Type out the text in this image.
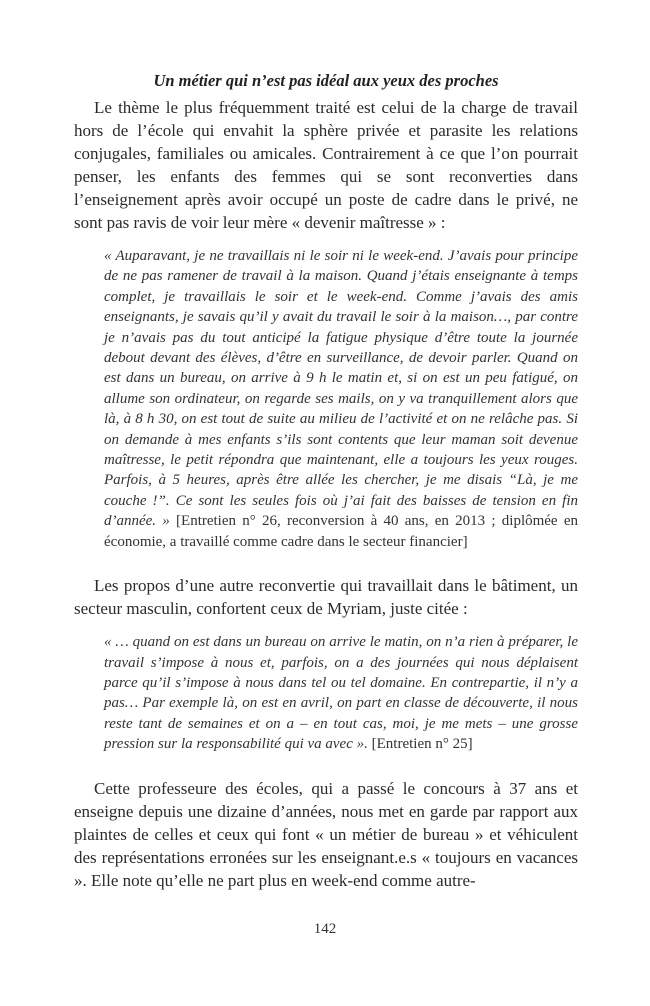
Un métier qui n’est pas idéal aux yeux des proches

Le thème le plus fréquemment traité est celui de la charge de travail hors de l’école qui envahit la sphère privée et parasite les relations conjugales, familiales ou amicales. Contrairement à ce que l’on pourrait penser, les enfants des femmes qui se sont reconverties dans l’enseignement après avoir occupé un poste de cadre dans le privé, ne sont pas ravis de voir leur mère « devenir maîtresse » :

« Auparavant, je ne travaillais ni le soir ni le week-end. J’avais pour principe de ne pas ramener de travail à la maison. Quand j’étais enseignante à temps complet, je travaillais le soir et le week-end. Comme j’avais des amis enseignants, je savais qu’il y avait du travail le soir à la maison…, par contre je n’avais pas du tout anticipé la fatigue physique d’être toute la journée debout devant des élèves, d’être en surveillance, de devoir parler. Quand on est dans un bureau, on arrive à 9 h le matin et, si on est un peu fatigué, on allume son ordinateur, on regarde ses mails, on y va tranquillement alors que là, à 8 h 30, on est tout de suite au milieu de l’activité et on ne relâche pas. Si on demande à mes enfants s’ils sont contents que leur maman soit devenue maîtresse, le petit répondra que maintenant, elle a toujours les yeux rouges. Parfois, à 5 heures, après être allée les chercher, je me disais “Là, je me couche !”. Ce sont les seules fois où j’ai fait des baisses de tension en fin d’année. » [Entretien n° 26, reconversion à 40 ans, en 2013 ; diplômée en économie, a travaillé comme cadre dans le secteur financier]

Les propos d’une autre reconvertie qui travaillait dans le bâtiment, un secteur masculin, confortent ceux de Myriam, juste citée :

« … quand on est dans un bureau on arrive le matin, on n’a rien à préparer, le travail s’impose à nous et, parfois, on a des journées qui nous déplaisent parce qu’il s’impose à nous dans tel ou tel domaine. En contrepartie, il n’y a pas… Par exemple là, on est en avril, on part en classe de découverte, il nous reste tant de semaines et on a – en tout cas, moi, je me mets – une grosse pression sur la responsabilité qui va avec ». [Entretien n° 25]

Cette professeure des écoles, qui a passé le concours à 37 ans et enseigne depuis une dizaine d’années, nous met en garde par rapport aux plaintes de celles et ceux qui font « un métier de bureau » et véhiculent des représentations erronées sur les enseignant.e.s « toujours en vacances ». Elle note qu’elle ne part plus en week-end comme autre-

142
